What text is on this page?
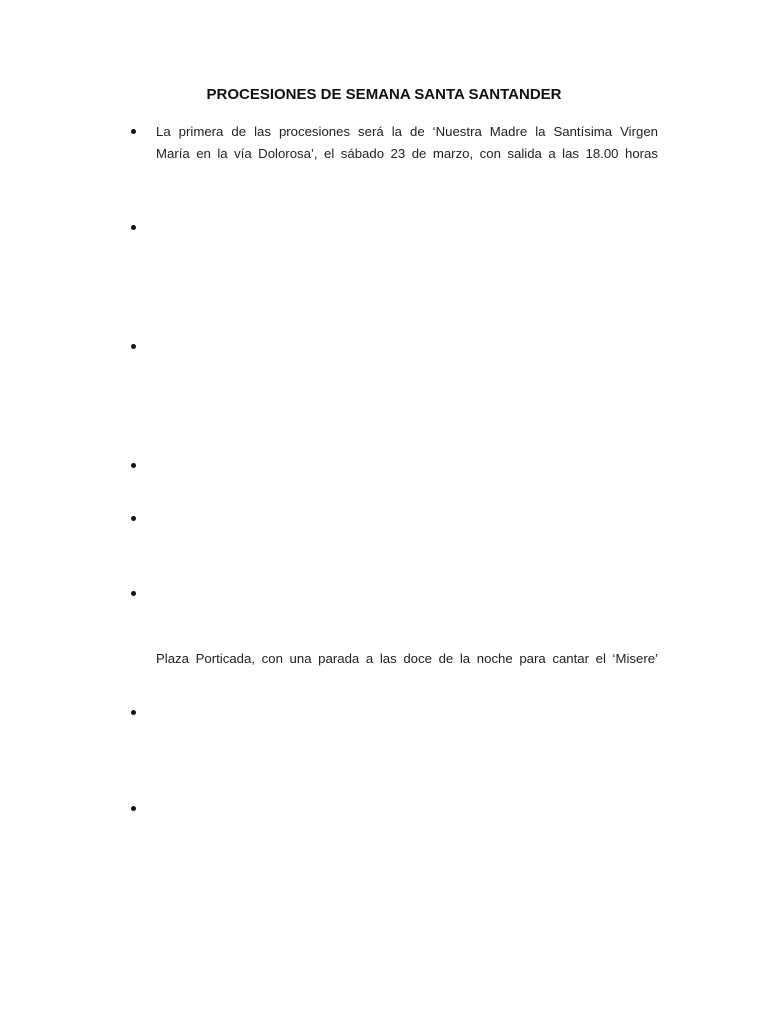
PROCESIONES DE SEMANA SANTA SANTANDER
La primera de las procesiones será la de ‘Nuestra Madre la Santísima Virgen
María en la vía Dolorosa’, el sábado 23 de marzo, con salida a las 18.00 horas
Plaza Porticada, con una parada a las doce de la noche para cantar el ‘Misere’
